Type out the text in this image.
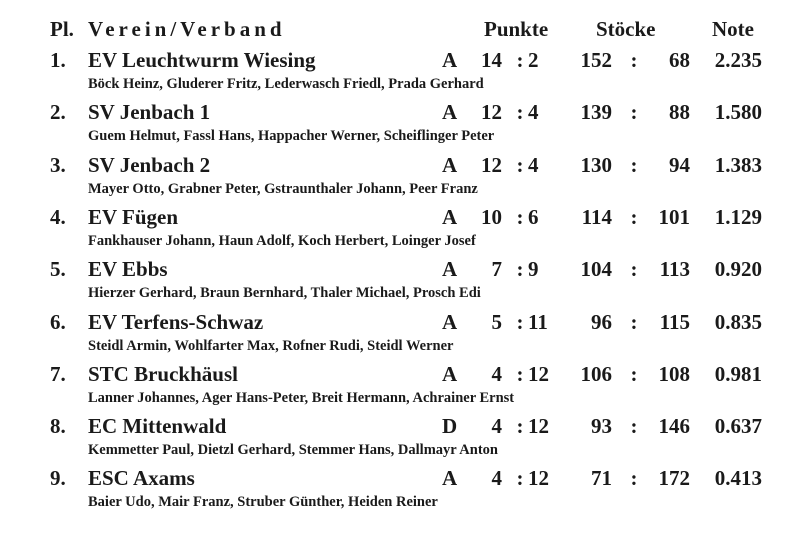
Pl. Verein/Verband	Punkte Stöcke	Note
1.	EV Leuchtwurm Wiesing	A	14 : 2	152 :	68	2.235
Böck Heinz, Gluderer Fritz, Lederwasch Friedl, Prada Gerhard
2.	SV Jenbach 1	A	12 : 4	139 :	88	1.580
Guem Helmut, Fassl Hans, Happacher Werner, Scheiflinger Peter
3.	SV Jenbach 2	A	12 : 4	130 :	94	1.383
Mayer Otto, Grabner Peter, Gstraunthaler Johann, Peer Franz
4.	EV Fügen	A	10 : 6	114 :	101	1.129
Fankhauser Johann, Haun Adolf, Koch Herbert, Loinger Josef
5.	EV Ebbs	A	7 : 9	104 :	113	0.920
Hierzer Gerhard, Braun Bernhard, Thaler Michael, Prosch Edi
6.	EV Terfens-Schwaz	A	5 : 11	96 :	115	0.835
Steidl Armin, Wohlfarter Max, Rofner Rudi, Steidl Werner
7.	STC Bruckhäusl	A	4 : 12	106 :	108	0.981
Lanner Johannes, Ager Hans-Peter, Breit Hermann, Achrainer Ernst
8.	EC Mittenwald	D	4 : 12	93 :	146	0.637
Kemmetter Paul, Dietzl Gerhard, Stemmer Hans, Dallmayr Anton
9.	ESC Axams	A	4 : 12	71 :	172	0.413
Baier Udo, Mair Franz, Struber Günther, Heiden Reiner
